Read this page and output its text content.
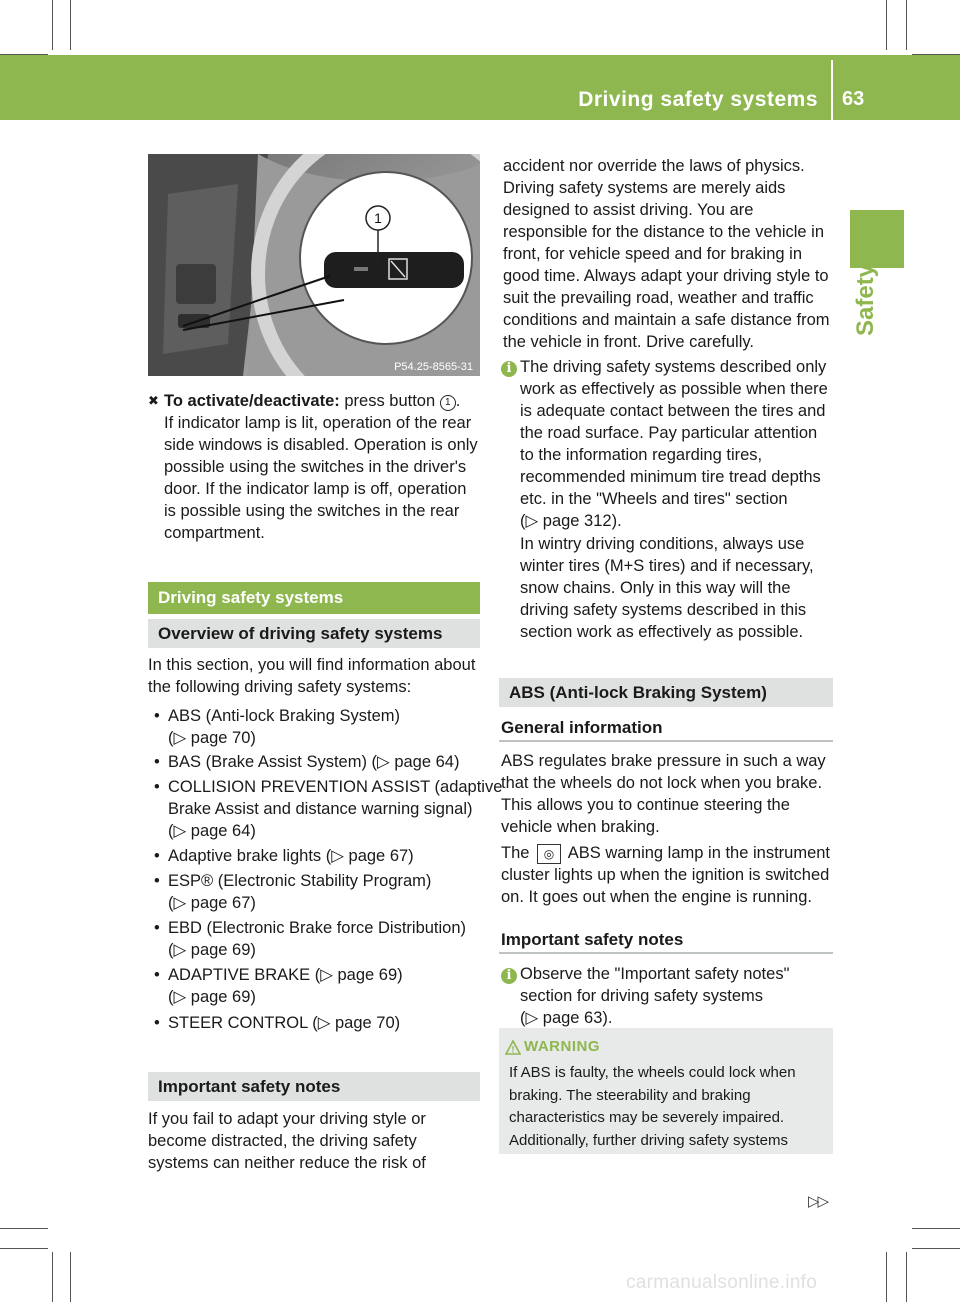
Driving safety systems 63
Safety
1
P54.25-8565-31
✖ To activate/deactivate: press button 1 .
If indicator lamp is lit, operation of the rear
side windows is disabled. Operation is only
possible using the switches in the driver's
door. If the indicator lamp is off, operation
is possible using the switches in the rear
compartment.
Driving safety systems
Overview of driving safety systems
In this section, you will find information about
the following driving safety systems:
• ABS (Anti-lock Braking System)
(▷ page 70)
• BAS (Brake Assist System) (▷ page 64)
• COLLISION PREVENTION ASSIST (adaptive
Brake Assist and distance warning signal)
(▷ page 64)
• Adaptive brake lights (▷ page 67)
• ESP® (Electronic Stability Program)
(▷ page 67)
• EBD (Electronic Brake force Distribution)
(▷ page 69)
• ADAPTIVE BRAKE (▷ page 69)
(▷ page 69)
• STEER CONTROL (▷ page 70)
Important safety notes
If you fail to adapt your driving style or
become distracted, the driving safety
systems can neither reduce the risk of
accident nor override the laws of physics.
Driving safety systems are merely aids
designed to assist driving. You are
responsible for the distance to the vehicle in
front, for vehicle speed and for braking in
good time. Always adapt your driving style to
suit the prevailing road, weather and traffic
conditions and maintain a safe distance from
the vehicle in front. Drive carefully.
i The driving safety systems described only
work as effectively as possible when there
is adequate contact between the tires and
the road surface. Pay particular attention
to the information regarding tires,
recommended minimum tire tread depths
etc. in the "Wheels and tires" section
(▷ page 312).
In wintry driving conditions, always use
winter tires (M+S tires) and if necessary,
snow chains. Only in this way will the
driving safety systems described in this
section work as effectively as possible.
ABS (Anti-lock Braking System)
General information
ABS regulates brake pressure in such a way
that the wheels do not lock when you brake.
This allows you to continue steering the
vehicle when braking.
The ◎ ABS warning lamp in the instrument
cluster lights up when the ignition is switched
on. It goes out when the engine is running.
Important safety notes
i Observe the "Important safety notes"
section for driving safety systems
(▷ page 63).
! WARNING
If ABS is faulty, the wheels could lock when
braking. The steerability and braking
characteristics may be severely impaired.
Additionally, further driving safety systems
▷▷
carmanualsonline.info
